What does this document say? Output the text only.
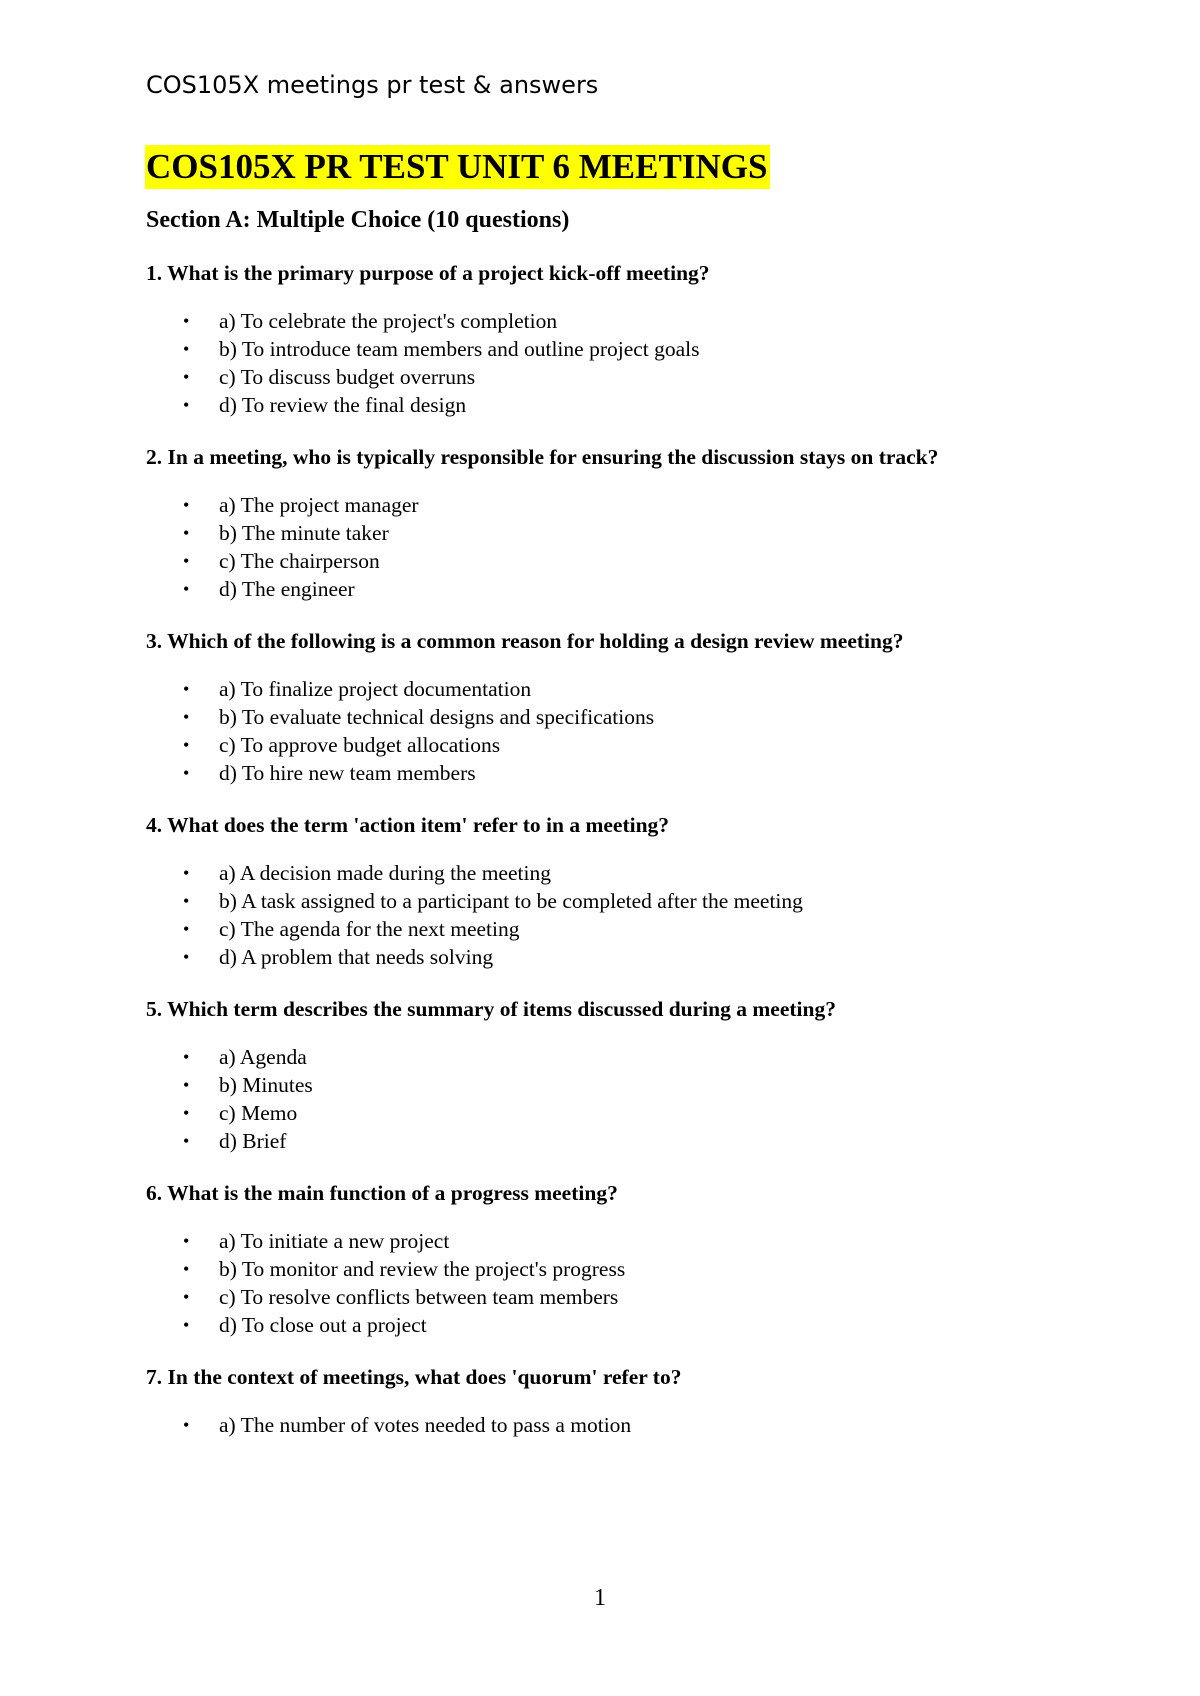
COS105X meetings pr test & answers
COS105X PR TEST UNIT 6 MEETINGS
Section A: Multiple Choice (10 questions)
1. What is the primary purpose of a project kick-off meeting?
• a) To celebrate the project's completion
• b) To introduce team members and outline project goals
• c) To discuss budget overruns
• d) To review the final design
2. In a meeting, who is typically responsible for ensuring the discussion stays on track?
• a) The project manager
• b) The minute taker
• c) The chairperson
• d) The engineer
3. Which of the following is a common reason for holding a design review meeting?
• a) To finalize project documentation
• b) To evaluate technical designs and specifications
• c) To approve budget allocations
• d) To hire new team members
4. What does the term 'action item' refer to in a meeting?
• a) A decision made during the meeting
• b) A task assigned to a participant to be completed after the meeting
• c) The agenda for the next meeting
• d) A problem that needs solving
5. Which term describes the summary of items discussed during a meeting?
• a) Agenda
• b) Minutes
• c) Memo
• d) Brief
6. What is the main function of a progress meeting?
• a) To initiate a new project
• b) To monitor and review the project's progress
• c) To resolve conflicts between team members
• d) To close out a project
7. In the context of meetings, what does 'quorum' refer to?
• a) The number of votes needed to pass a motion
1
